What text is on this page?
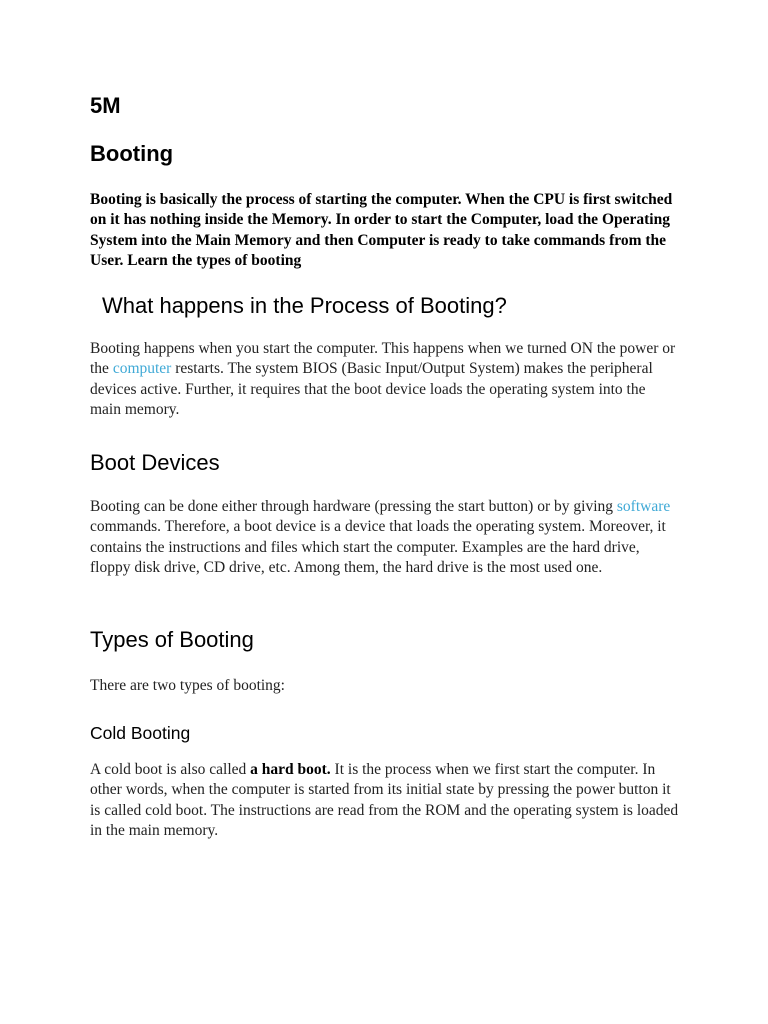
5M
Booting

Booting is basically the process of starting the computer. When the CPU is first switched on it has nothing inside the Memory. In order to start the Computer, load the Operating System into the Main Memory and then Computer is ready to take commands from the User. Learn the types of booting

What happens in the Process of Booting?

Booting happens when you start the computer. This happens when we turned ON the power or the computer restarts. The system BIOS (Basic Input/Output System) makes the peripheral devices active. Further, it requires that the boot device loads the operating system into the main memory.

Boot Devices

Booting can be done either through hardware (pressing the start button) or by giving software commands. Therefore, a boot device is a device that loads the operating system. Moreover, it contains the instructions and files which start the computer. Examples are the hard drive, floppy disk drive, CD drive, etc. Among them, the hard drive is the most used one.

Types of Booting

There are two types of booting:

Cold Booting

A cold boot is also called a hard boot. It is the process when we first start the computer. In other words, when the computer is started from its initial state by pressing the power button it is called cold boot. The instructions are read from the ROM and the operating system is loaded in the main memory.
